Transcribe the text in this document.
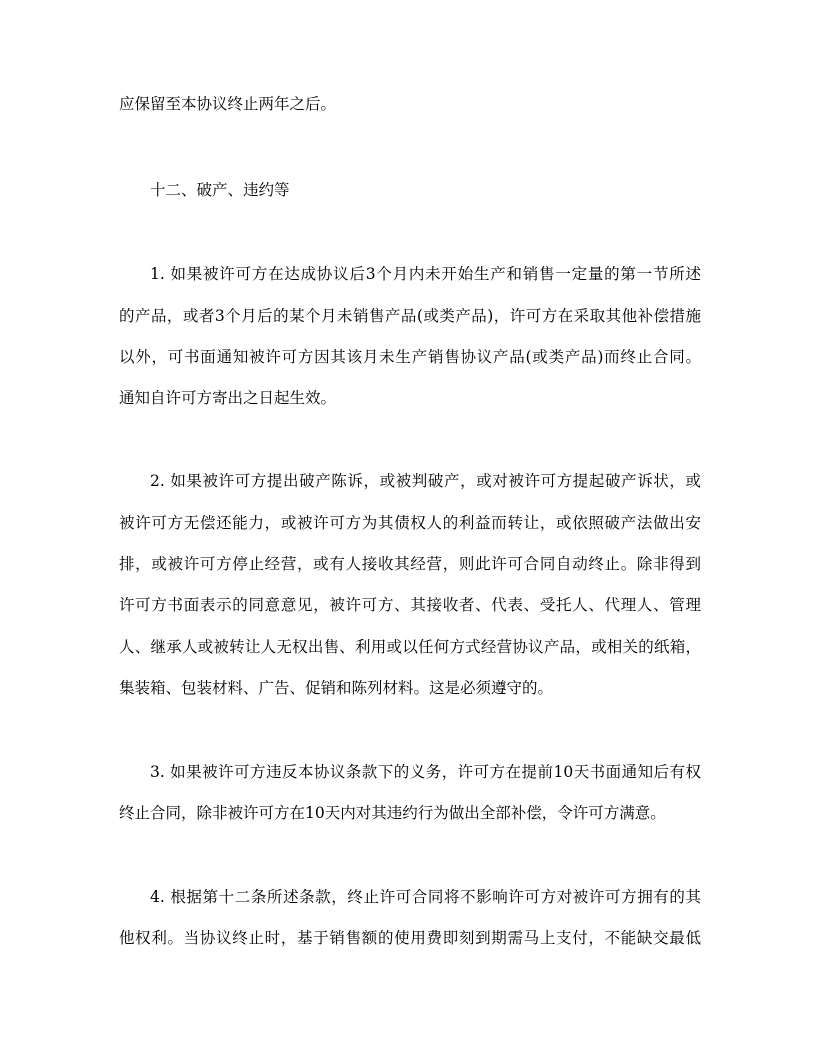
应保留至本协议终止两年之后。
十二、破产、违约等
1. 如果被许可方在达成协议后3个月内未开始生产和销售一定量的第一节所述
的产品，或者3个月后的某个月未销售产品(或类产品)，许可方在采取其他补偿措施
以外，可书面通知被许可方因其该月未生产销售协议产品(或类产品)而终止合同。
通知自许可方寄出之日起生效。
2. 如果被许可方提出破产陈诉，或被判破产，或对被许可方提起破产诉状，或
被许可方无偿还能力，或被许可方为其债权人的利益而转让，或依照破产法做出安
排，或被许可方停止经营，或有人接收其经营，则此许可合同自动终止。除非得到
许可方书面表示的同意意见，被许可方、其接收者、代表、受托人、代理人、管理
人、继承人或被转让人无权出售、利用或以任何方式经营协议产品，或相关的纸箱，
集装箱、包装材料、广告、促销和陈列材料。这是必须遵守的。
3. 如果被许可方违反本协议条款下的义务，许可方在提前10天书面通知后有权
终止合同，除非被许可方在10天内对其违约行为做出全部补偿，令许可方满意。
4. 根据第十二条所述条款，终止许可合同将不影响许可方对被许可方拥有的其
他权利。当协议终止时，基于销售额的使用费即刻到期需马上支付，不能缺交最低
